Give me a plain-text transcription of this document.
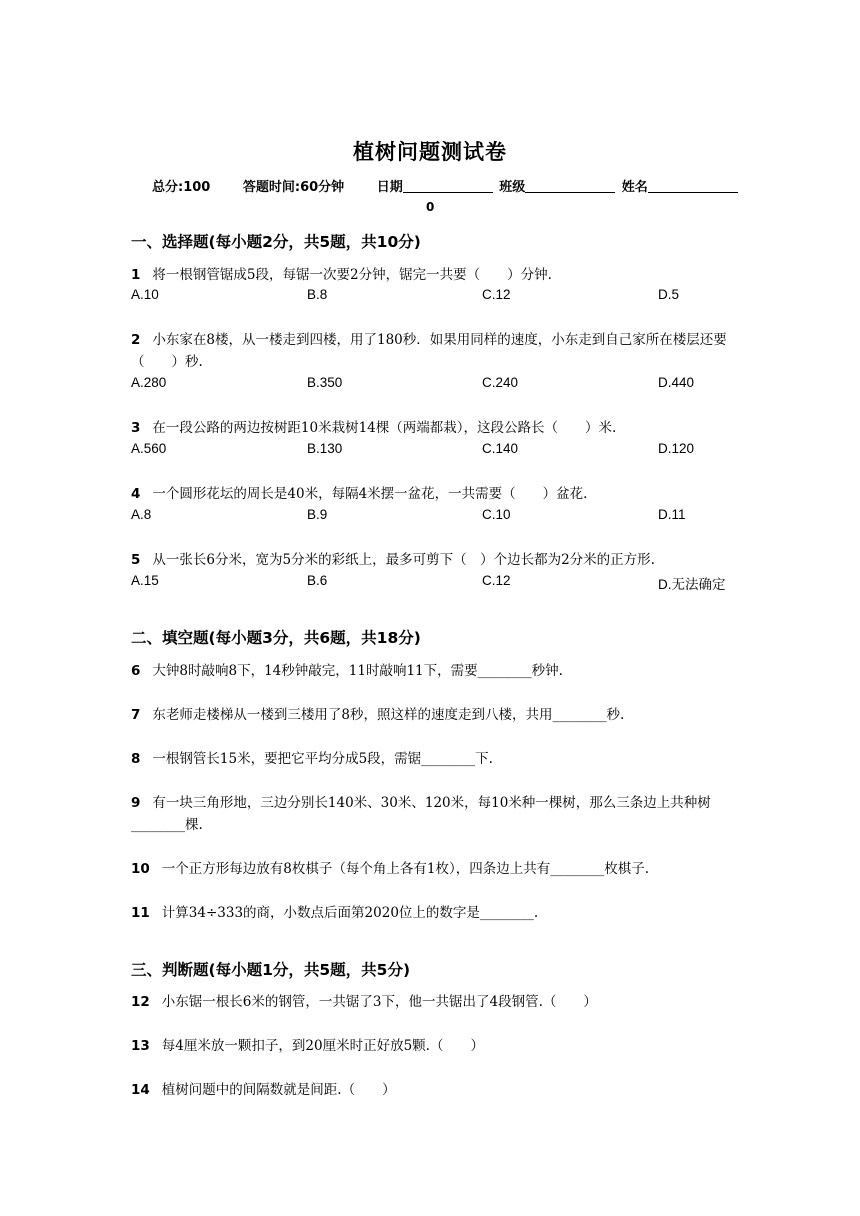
植树问题测试卷
总分:100	答题时间:60分钟	日期	班级	姓名
0
一、选择题(每小题2分，共5题，共10分)
1 将一根钢管锯成5段，每锯一次要2分钟，锯完一共要（　　）分钟.
A.10	B.8	C.12	D.5
2 小东家在8楼，从一楼走到四楼，用了180秒．如果用同样的速度，小东走到自己家所在楼层还要（　　）秒.
A.280	B.350	C.240	D.440
3 在一段公路的两边按树距10米栽树14棵（两端都栽），这段公路长（　　）米.
A.560	B.130	C.140	D.120
4 一个圆形花坛的周长是40米，每隔4米摆一盆花，一共需要（　　）盆花.
A.8	B.9	C.10	D.11
5 从一张长6分米，宽为5分米的彩纸上，最多可剪下（　）个边长都为2分米的正方形.
A.15	B.6	C.12	D.无法确定
二、填空题(每小题3分，共6题，共18分)
6 大钟8时敲响8下，14秒钟敲完，11时敲响11下，需要________秒钟.
7 东老师走楼梯从一楼到三楼用了8秒，照这样的速度走到八楼，共用________秒.
8 一根钢管长15米，要把它平均分成5段，需锯________下.
9 有一块三角形地，三边分别长140米、30米、120米，每10米种一棵树，那么三条边上共种树________棵.
10 一个正方形每边放有8枚棋子（每个角上各有1枚），四条边上共有________枚棋子.
11 计算34÷333的商，小数点后面第2020位上的数字是________.
三、判断题(每小题1分，共5题，共5分)
12 小东锯一根长6米的钢管，一共锯了3下，他一共锯出了4段钢管.（　　）
13 每4厘米放一颗扣子，到20厘米时正好放5颗.（　　）
14 植树问题中的间隔数就是间距.（　　）
